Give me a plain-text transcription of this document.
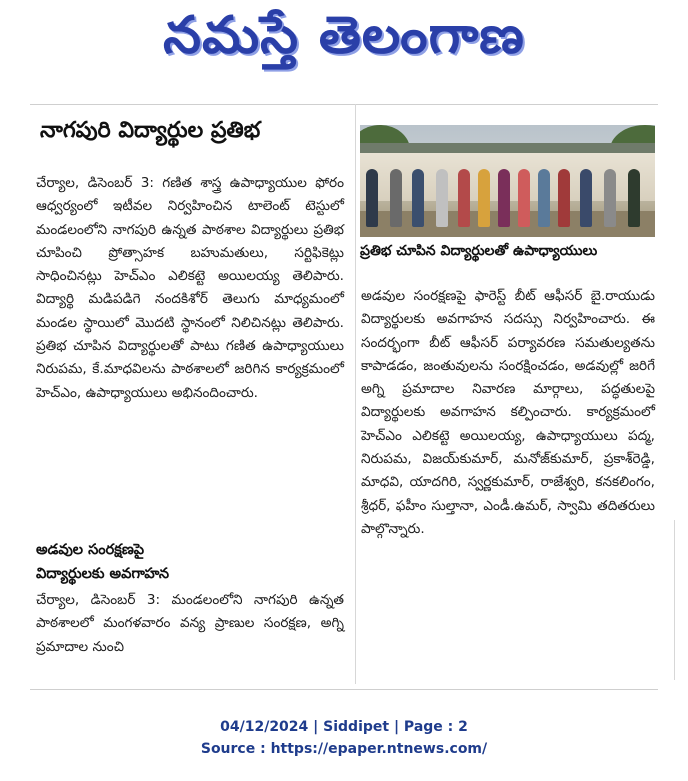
నమస్తే తెలంగాణ
నాగపురి విద్యార్థుల ప్రతిభ
చేర్యాల, డిసెంబర్ 3: గణిత శాస్త్ర ఉపాధ్యాయుల ఫోరం ఆధ్వర్యంలో ఇటీవల నిర్వహించిన టాలెంట్ టెస్టులో మండలంలోని నాగపురి ఉన్నత పాఠశాల విద్యార్థులు ప్రతిభ చూపించి ప్రోత్సాహక బహుమతులు, సర్టిఫికెట్లు సాధించినట్లు హెచ్‌ఎం ఎలికట్టె అయిలయ్య తెలిపారు. విద్యార్థి మడిపడిగె నందకిశోర్ తెలుగు మాధ్యమంలో మండల స్థాయిలో మొదటి స్థానంలో నిలిచినట్లు తెలిపారు. ప్రతిభ చూపిన విద్యార్థులతో పాటు గణిత ఉపాధ్యాయులు నిరుపమ, కే.మాధవిలను పాఠశాలలో జరిగిన కార్యక్రమంలో హెచ్‌ఎం, ఉపాధ్యాయులు అభినందించారు.
అడవుల సంరక్షణపై
విద్యార్థులకు అవగాహన
చేర్యాల, డిసెంబర్ 3: మండలంలోని నాగపురి ఉన్నత పాఠశాలలో మంగళవారం వన్య ప్రాణుల సంరక్షణ, అగ్ని ప్రమాదాల నుంచి
ప్రతిభ చూపిన విద్యార్థులతో ఉపాధ్యాయులు
అడవుల సంరక్షణపై ఫారెస్ట్ బీట్ ఆఫీసర్ బై.రాయుడు విద్యార్థులకు అవగాహన సదస్సు నిర్వహించారు. ఈ సందర్భంగా బీట్ ఆఫీసర్ పర్యావరణ సమతుల్యతను కాపాడడం, జంతువులను సంరక్షించడం, అడవుల్లో జరిగే అగ్ని ప్రమాదాల నివారణ మార్గాలు, పద్ధతులపై విద్యార్థులకు అవగాహన కల్పించారు. కార్యక్రమంలో హెచ్‌ఎం ఎలికట్టె అయిలయ్య, ఉపాధ్యాయులు పద్మ, నిరుపమ, విజయ్‌కుమార్, మనోజ్‌కుమార్, ప్రకాశ్‌రెడ్డి, మాధవి, యాదగిరి, స్వర్ణకుమార్, రాజేశ్వరి, కనకలింగం, శ్రీధర్, ఫహీం సుల్తానా, ఎండీ.ఉమర్, స్వామి తదితరులు పాల్గొన్నారు.
04/12/2024 | Siddipet | Page : 2
Source : https://epaper.ntnews.com/
